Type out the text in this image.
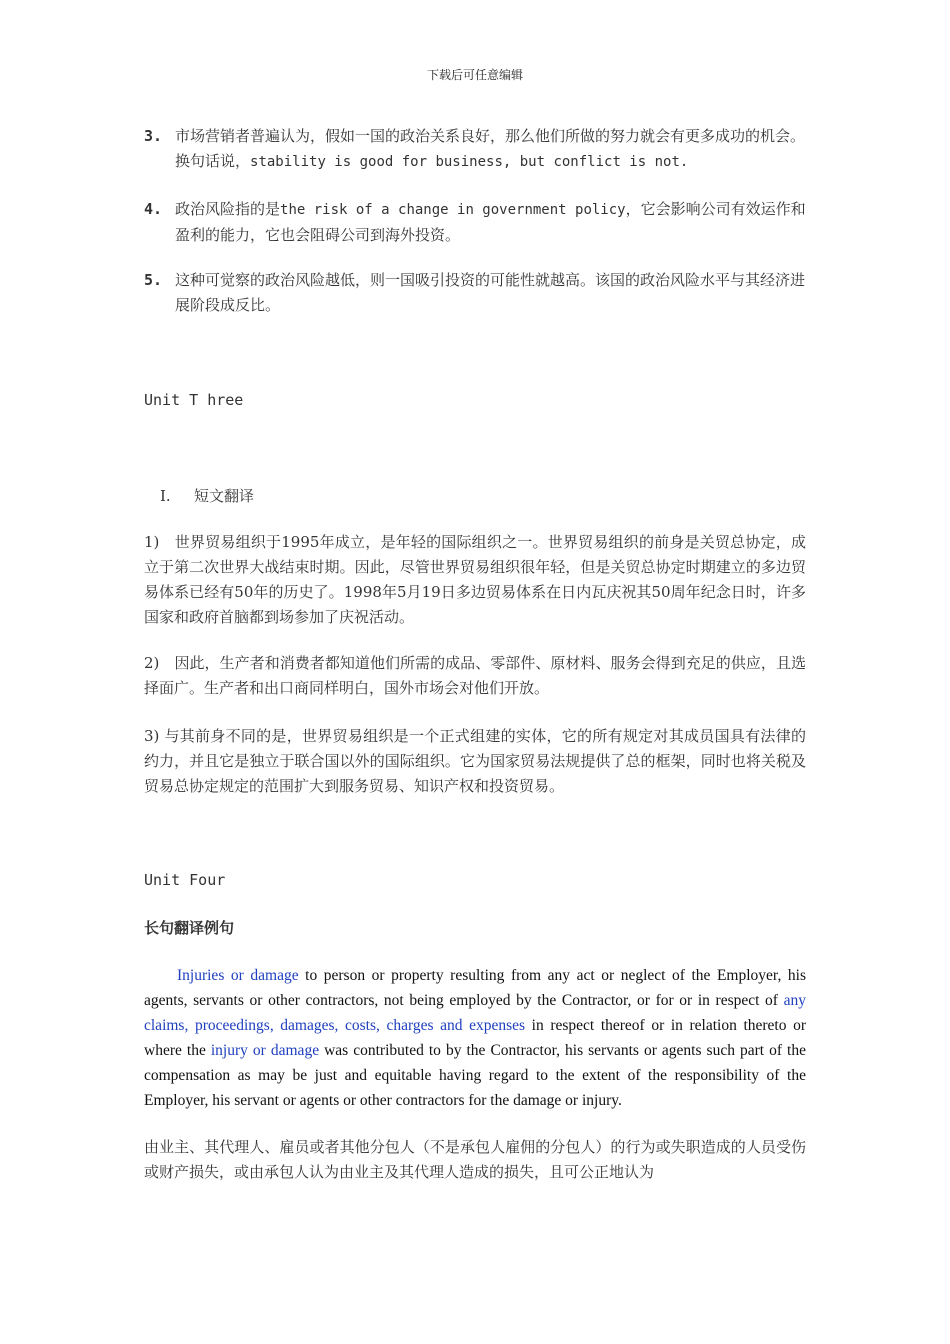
下载后可任意编辑
3. 市场营销者普遍认为，假如一国的政治关系良好，那么他们所做的努力就会有更多成功的机会。换句话说，stability is good for business, but conflict is not.
4. 政治风险指的是the risk of a change in government policy，它会影响公司有效运作和盈利的能力，它也会阻碍公司到海外投资。
5. 这种可觉察的政治风险越低，则一国吸引投资的可能性就越高。该国的政治风险水平与其经济进展阶段成反比。
Unit T hree
I. 短文翻译
1)　世界贸易组织于1995年成立，是年轻的国际组织之一。世界贸易组织的前身是关贸总协定，成立于第二次世界大战结束时期。因此，尽管世界贸易组织很年轻，但是关贸总协定时期建立的多边贸易体系已经有50年的历史了。1998年5月19日多边贸易体系在日内瓦庆祝其50周年纪念日时，许多国家和政府首脑都到场参加了庆祝活动。
2)　因此，生产者和消费者都知道他们所需的成品、零部件、原材料、服务会得到充足的供应，且选择面广。生产者和出口商同样明白，国外市场会对他们开放。
3) 与其前身不同的是，世界贸易组织是一个正式组建的实体，它的所有规定对其成员国具有法律的约力，并且它是独立于联合国以外的国际组织。它为国家贸易法规提供了总的框架，同时也将关税及贸易总协定规定的范围扩大到服务贸易、知识产权和投资贸易。
Unit Four
长句翻译例句
Injuries or damage to person or property resulting from any act or neglect of the Employer, his agents, servants or other contractors, not being employed by the Contractor, or for or in respect of any claims, proceedings, damages, costs, charges and expenses in respect thereof or in relation thereto or where the injury or damage was contributed to by the Contractor, his servants or agents such part of the compensation as may be just and equitable having regard to the extent of the responsibility of the Employer, his servant or agents or other contractors for the damage or injury.
由业主、其代理人、雇员或者其他分包人（不是承包人雇佣的分包人）的行为或失职造成的人员受伤或财产损失，或由承包人认为由业主及其代理人造成的损失，且可公正地认为
